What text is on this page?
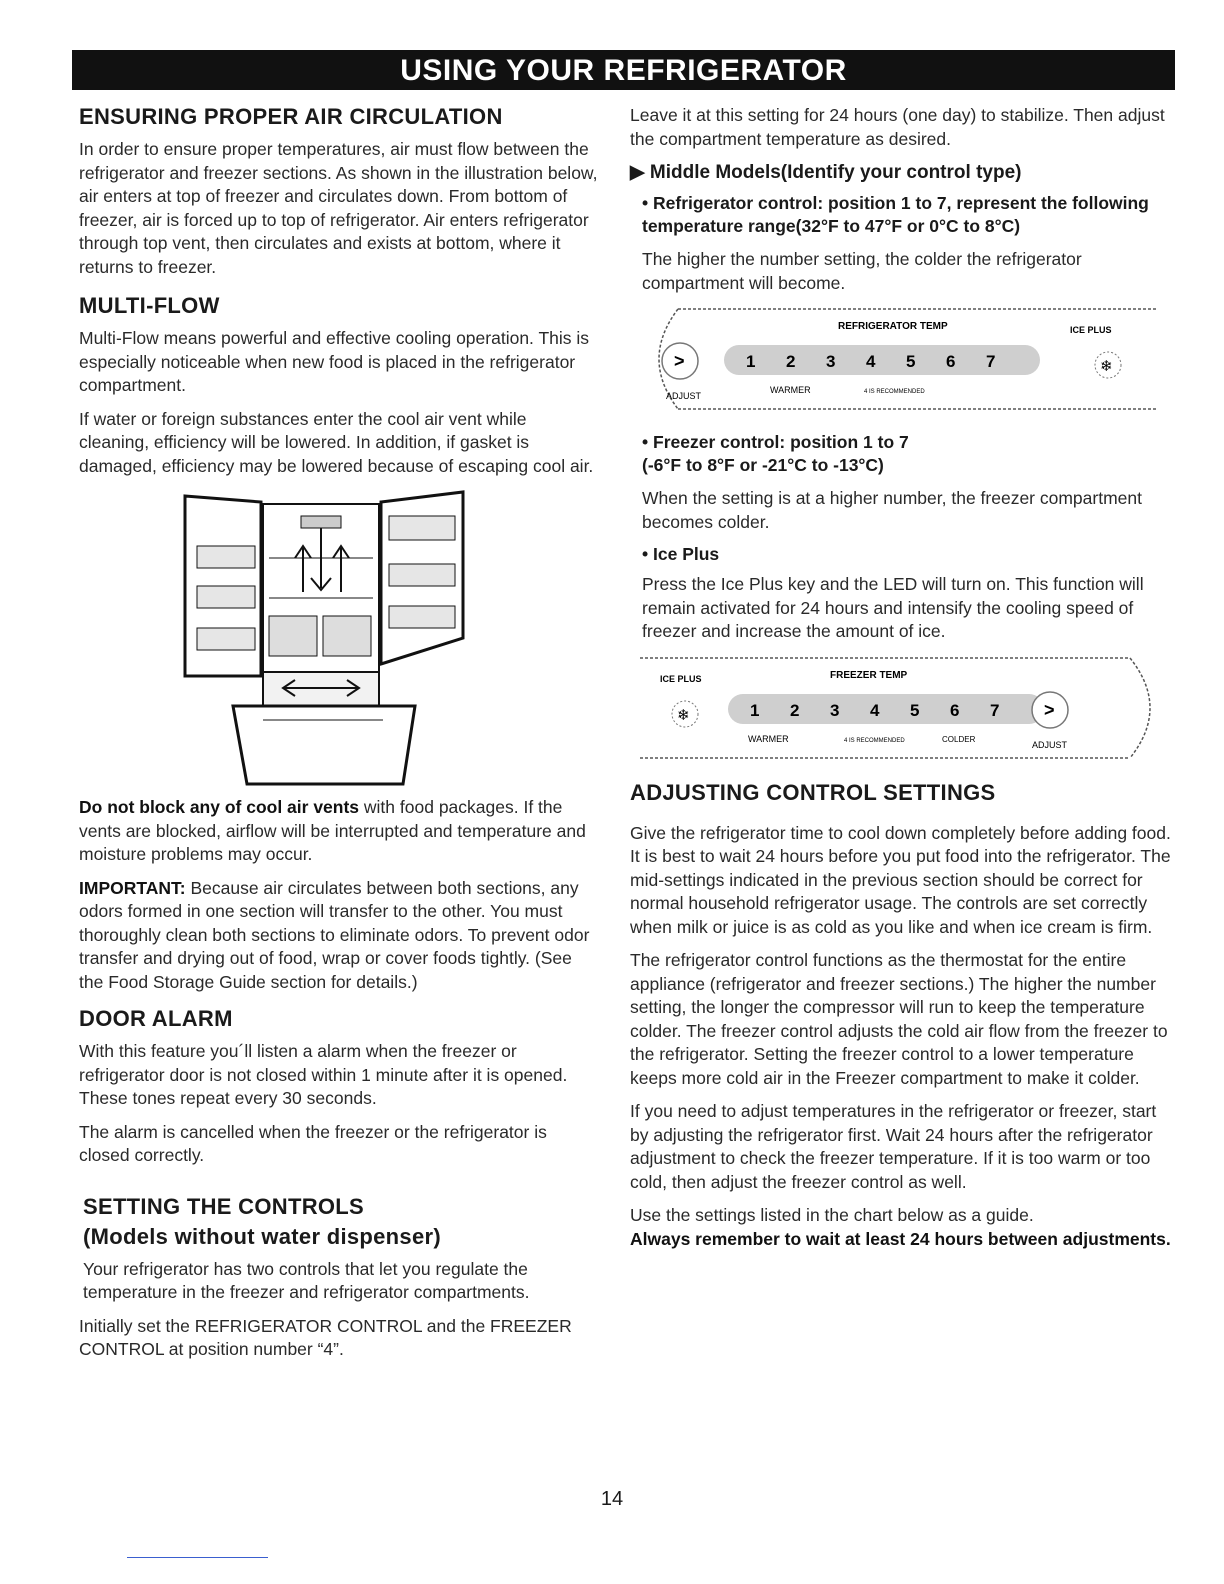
USING YOUR REFRIGERATOR
ENSURING PROPER AIR CIRCULATION

In order to ensure proper temperatures, air must flow between the refrigerator and freezer sections. As shown in the illustration below, air enters at top of freezer and circulates down. From bottom of freezer, air is forced up to top of refrigerator. Air enters refrigerator through top vent, then circulates and exists at bottom, where it returns to freezer.

MULTI-FLOW

Multi-Flow means powerful and effective cooling operation. This is especially noticeable when new food is placed in the refrigerator compartment.

If water or foreign substances enter the cool air vent while cleaning, efficiency will be lowered. In addition, if gasket is damaged, efficiency may be lowered because of escaping cool air.

Do not block any of cool air vents with food packages. If the vents are blocked, airflow will be interrupted and temperature and moisture problems may occur.

IMPORTANT: Because air circulates between both sections, any odors formed in one section will transfer to the other. You must thoroughly clean both sections to eliminate odors. To prevent odor transfer and drying out of food, wrap or cover foods tightly. (See the Food Storage Guide section for details.)

DOOR ALARM

With this feature you´ll listen a alarm when the freezer or refrigerator door is not closed within 1 minute after it is opened. These tones repeat every 30 seconds.

The alarm is cancelled when the freezer or the refrigerator is closed correctly.

SETTING THE CONTROLS
(Models without water dispenser)

Your refrigerator has two controls that let you regulate the temperature in the freezer and refrigerator compartments.

Initially set the REFRIGERATOR CONTROL and the FREEZER CONTROL at position number “4”.

Leave it at this setting for 24 hours (one day) to stabilize. Then adjust the compartment temperature as desired.

▶ Middle Models(Identify your control type)
• Refrigerator control: position 1 to 7, represent the following temperature range(32°F to 47°F or 0°C to 8°C)

The higher the number setting, the colder the refrigerator compartment will become.

REFRIGERATOR TEMP	ICE PLUS
>
ADJUST
1 2 3 4 5 6 7
WARMER	4 IS RECOMMENDED
❄
• Freezer control: position 1 to 7
(-6°F to 8°F or -21°C to -13°C)

When the setting is at a higher number, the freezer compartment becomes colder.

• Ice Plus

Press the Ice Plus key and the LED will turn on. This function will remain activated for 24 hours and intensify the cooling speed of freezer and increase the amount of ice.

ICE PLUS	FREEZER TEMP
❄	1 2 3 4 5 6 7
WARMER	4 IS RECOMMENDED	COLDER
>
ADJUST
ADJUSTING CONTROL SETTINGS

Give the refrigerator time to cool down completely before adding food. It is best to wait 24 hours before you put food into the refrigerator. The mid-settings indicated in the previous section should be correct for normal household refrigerator usage. The controls are set correctly when milk or juice is as cold as you like and when ice cream is firm.

The refrigerator control functions as the thermostat for the entire appliance (refrigerator and freezer sections.) The higher the number setting, the longer the compressor will run to keep the temperature colder. The freezer control adjusts the cold air flow from the freezer to the refrigerator. Setting the freezer control to a lower temperature keeps more cold air in the Freezer compartment to make it colder.

If you need to adjust temperatures in the refrigerator or freezer, start by adjusting the refrigerator first. Wait 24 hours after the refrigerator adjustment to check the freezer temperature. If it is too warm or too cold, then adjust the freezer control as well.

Use the settings listed in the chart below as a guide.

Always remember to wait at least 24 hours between adjustments.

14
